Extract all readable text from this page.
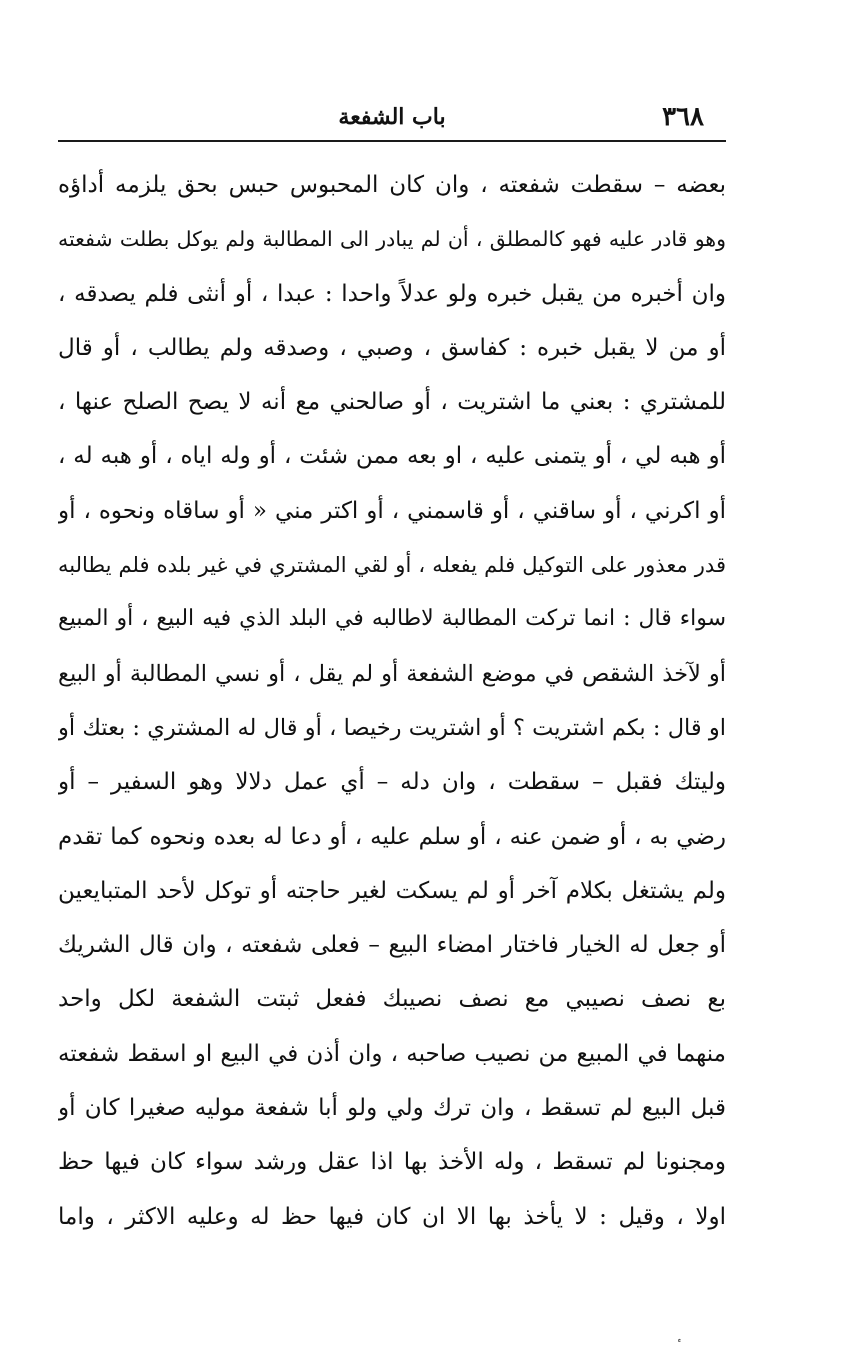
٣٦٨
باب الشفعة
بعضه – سقطت شفعته ، وان كان المحبوس حبس بحق يلزمه أداؤه
وهو قادر عليه فهو كالمطلق ، أن لم يبادر الى المطالبة ولم يوكل بطلت شفعته
وان أخبره من يقبل خبره ولو عدلاً واحدا : عبدا ، أو أنثى فلم يصدقه ،
أو من لا يقبل خبره : كفاسق ، وصبي ، وصدقه ولم يطالب ، أو قال
للمشتري : بعني ما اشتريت ، أو صالحني مع أنه لا يصح الصلح عنها ،
أو هبه لي ، أو يتمنى عليه ، او بعه ممن شئت ، أو وله اياه ، أو هبه له ،
أو اكرني ، أو ساقني ، أو قاسمني ، أو اكتر مني « أو ساقاه ونحوه ، أو
قدر معذور على التوكيل فلم يفعله ، أو لقي المشتري في غير بلده فلم يطالبه
سواء قال : انما تركت المطالبة لاطالبه في البلد الذي فيه البيع ، أو المبيع
أو لآخذ الشقص في موضع الشفعة أو لم يقل ، أو نسي المطالبة أو البيع
او قال : بكم اشتريت ؟ أو اشتريت رخيصا ، أو قال له المشتري : بعتك أو
وليتك فقبل – سقطت ، وان دله – أي عمل دلالا وهو السفير – أو
رضي به ، أو ضمن عنه ، أو سلم عليه ، أو دعا له بعده ونحوه كما تقدم
ولم يشتغل بكلام آخر أو لم يسكت لغير حاجته أو توكل لأحد المتبايعين
أو جعل له الخيار فاختار امضاء البيع – فعلى شفعته ، وان قال الشريك
بع نصف نصيبي مع نصف نصيبك ففعل ثبتت الشفعة لكل واحد
منهما في المبيع من نصيب صاحبه ، وان أذن في البيع او اسقط شفعته
قبل البيع لم تسقط ، وان ترك ولي ولو أبا شفعة موليه صغيرا كان أو
ومجنونا لم تسقط ، وله الأخذ بها اذا عقل ورشد سواء كان فيها حظ
اولا ، وقيل : لا يأخذ بها الا ان كان فيها حظ له وعليه الاكثر ، واما
